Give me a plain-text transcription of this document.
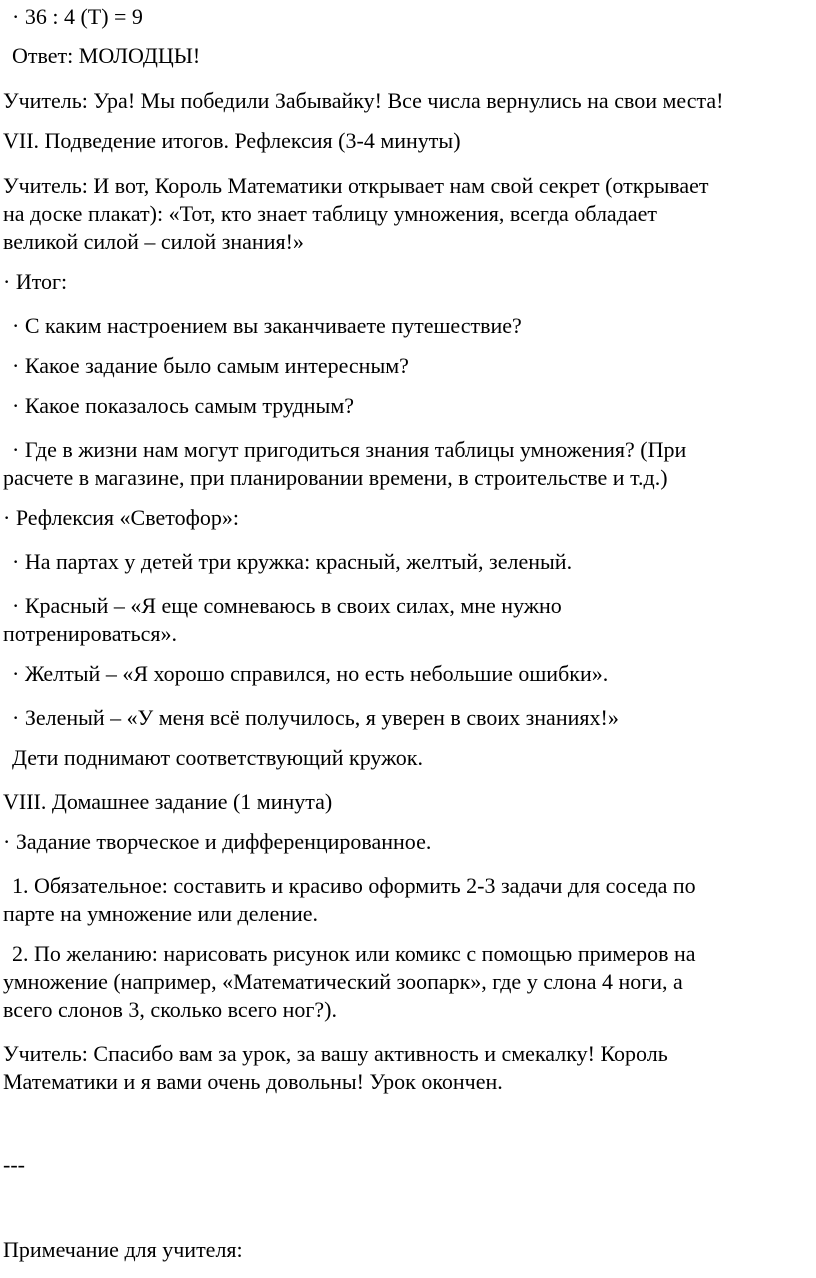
· 36 : 4 (Т) = 9
Ответ: МОЛОДЦЫ!
Учитель: Ура! Мы победили Забывайку! Все числа вернулись на свои места!
VII. Подведение итогов. Рефлексия (3-4 минуты)
Учитель: И вот, Король Математики открывает нам свой секрет (открывает
на доске плакат): «Тот, кто знает таблицу умножения, всегда обладает
великой силой – силой знания!»
· Итог:
· С каким настроением вы заканчиваете путешествие?
· Какое задание было самым интересным?
· Какое показалось самым трудным?
· Где в жизни нам могут пригодиться знания таблицы умножения? (При
расчете в магазине, при планировании времени, в строительстве и т.д.)
· Рефлексия «Светофор»:
· На партах у детей три кружка: красный, желтый, зеленый.
· Красный – «Я еще сомневаюсь в своих силах, мне нужно
потренироваться».
· Желтый – «Я хорошо справился, но есть небольшие ошибки».
· Зеленый – «У меня всё получилось, я уверен в своих знаниях!»
Дети поднимают соответствующий кружок.
VIII. Домашнее задание (1 минута)
· Задание творческое и дифференцированное.
1. Обязательное: составить и красиво оформить 2-3 задачи для соседа по
парте на умножение или деление.
2. По желанию: нарисовать рисунок или комикс с помощью примеров на
умножение (например, «Математический зоопарк», где у слона 4 ноги, а
всего слонов 3, сколько всего ног?).
Учитель: Спасибо вам за урок, за вашу активность и смекалку! Король
Математики и я вами очень довольны! Урок окончен.
---
Примечание для учителя:
